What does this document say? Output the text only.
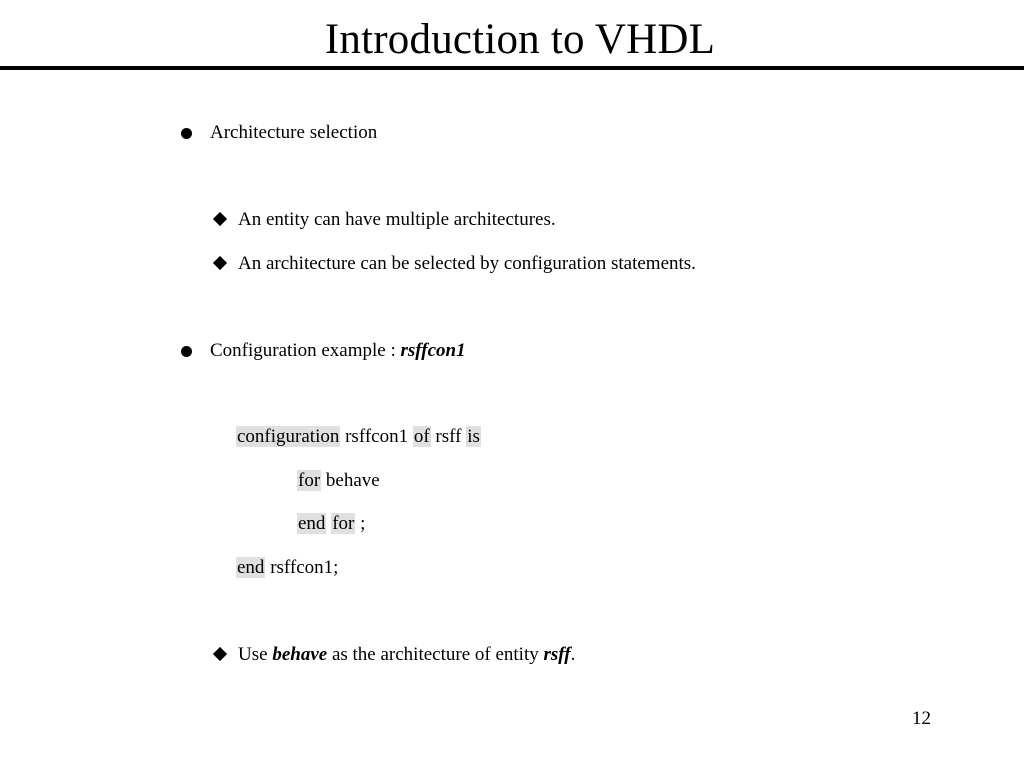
Introduction to VHDL
Architecture selection
An entity can have multiple architectures.
An architecture can be selected by configuration statements.
Configuration example : rsffcon1
configuration rsffcon1 of rsff is
for behave
end for ;
end rsffcon1;
Use behave as the architecture of entity rsff.
12
